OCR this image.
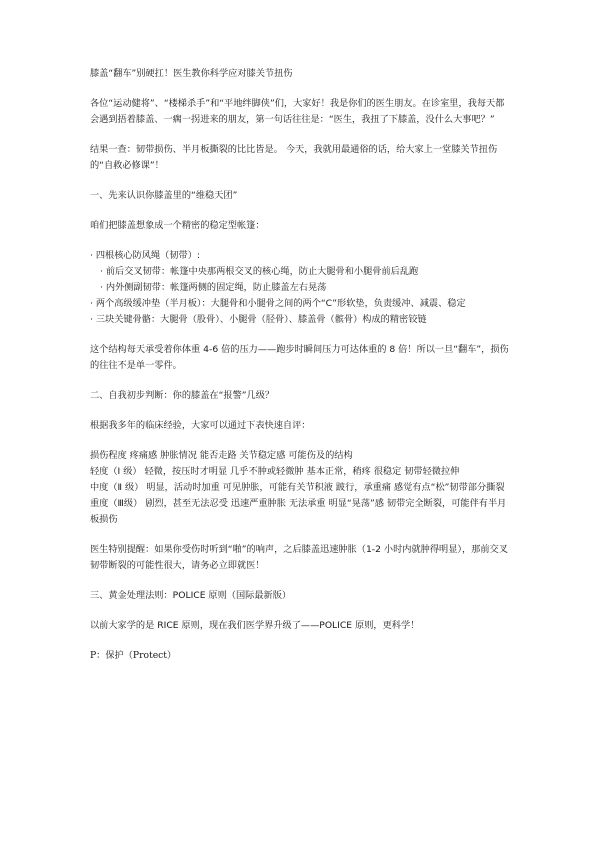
膝盖“翻车”别硬扛！医生教你科学应对膝关节扭伤

各位“运动健将”、“楼梯杀手”和“平地绊脚侠”们，大家好！我是你们的医生朋友。在诊室里，我每天都会遇到捂着膝盖、一瘸一拐进来的朋友，第一句话往往是：“医生，我扭了下膝盖，没什么大事吧？”

结果一查：韧带损伤、半月板撕裂的比比皆是。 今天，我就用最通俗的话，给大家上一堂膝关节扭伤的“自救必修课”！

一、先来认识你膝盖里的“维稳天团”

咱们把膝盖想象成一个精密的稳定型帐篷：

· 四根核心防风绳（韧带）:

· 前后交叉韧带：帐篷中央那两根交叉的核心绳，防止大腿骨和小腿骨前后乱跑

· 内外侧副韧带：帐篷两侧的固定绳，防止膝盖左右晃荡

· 两个高级缓冲垫（半月板）：大腿骨和小腿骨之间的两个“C”形软垫，负责缓冲、减震、稳定

· 三块关键骨骼：大腿骨（股骨）、小腿骨（胫骨）、膝盖骨（髌骨）构成的精密铰链

这个结构每天承受着你体重 4-6 倍的压力——跑步时瞬间压力可达体重的 8 倍！所以一旦“翻车”，损伤的往往不是单一零件。

二、自我初步判断：你的膝盖在“报警”几级？

根据我多年的临床经验，大家可以通过下表快速自评：

损伤程度 疼痛感 肿胀情况 能否走路 关节稳定感 可能伤及的结构

轻度（Ⅰ 级） 轻微，按压时才明显 几乎不肿或轻微肿 基本正常，稍疼 很稳定 韧带轻微拉伸

中度（Ⅱ 级） 明显，活动时加重 可见肿胀，可能有关节积液 跛行，承重痛 感觉有点“松”韧带部分撕裂

重度（Ⅲ级） 剧烈，甚至无法忍受 迅速严重肿胀 无法承重 明显“晃荡”感 韧带完全断裂，可能伴有半月板损伤

医生特别提醒：如果你受伤时听到“啪”的响声，之后膝盖迅速肿胀（1-2 小时内就肿得明显），那前交叉韧带断裂的可能性很大，请务必立即就医！

三、黄金处理法则：POLICE 原则（国际最新版）

以前大家学的是 RICE 原则，现在我们医学界升级了——POLICE 原则，更科学！

P：保护（Protect）
